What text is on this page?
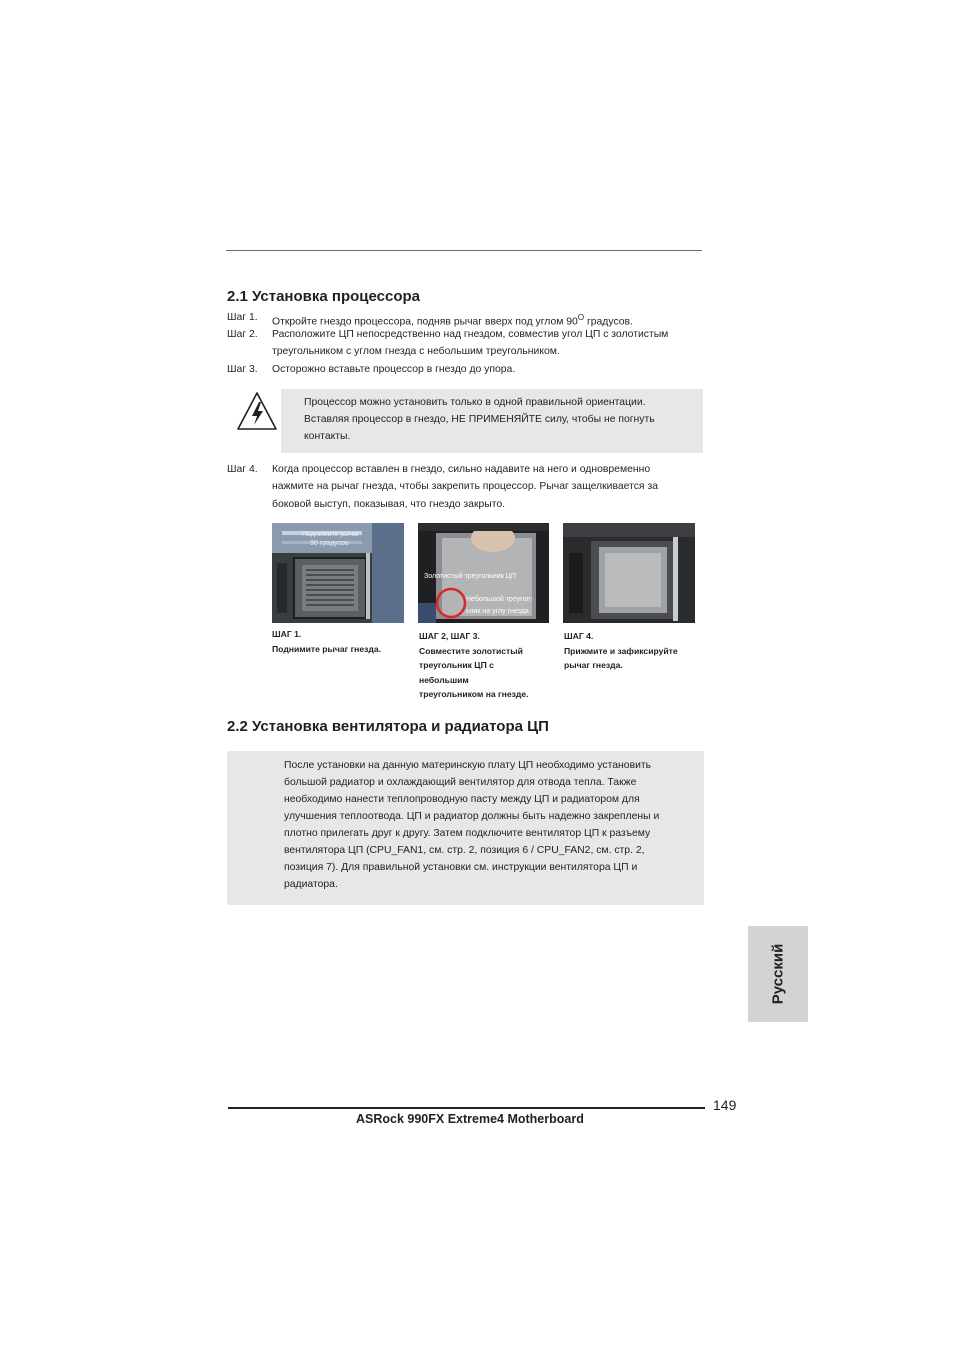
2.1 Установка процессора
Шаг 1. Откройте гнездо процессора, подняв рычаг вверх под углом $90^O$ градусов.
Шаг 2. Расположите ЦП непосредственно над гнездом, совместив угол ЦП с золотистым
треугольником с углом гнезда с небольшим треугольником.
Шаг 3. Осторожно вставьте процессор в гнездо до упора.
Процессор можно установить только в одной правильной ориентации.
Вставляя процессор в гнездо, НЕ ПРИМЕНЯЙТЕ силу, чтобы не погнуть
контакты.
Шаг 4. Когда процессор вставлен в гнездо, сильно надавите на него и одновременно
нажмите на рычаг гнезда, чтобы закрепить процессор. Рычаг защелкивается за
боковой выступ, показывая, что гнездо закрыто.
Поднимите рычаг
90 градусов
Золотистый треугольник ЦП
Небольшой треугол-
ьник на углу гнезда
ШАГ 1.
Поднимите рычаг гнезда.
ШАГ 2, ШАГ 3.
Совместите золотистый
треугольник ЦП с
небольшим
треугольником на гнезде.
ШАГ 4.
Прижмите и зафиксируйте
рычаг гнезда.
2.2 Установка вентилятора и радиатора ЦП
После установки на данную материнскую плату ЦП необходимо установить
большой радиатор и охлаждающий вентилятор для отвода тепла. Также
необходимо нанести теплопроводную пасту между ЦП и радиатором для
улучшения теплоотвода. ЦП и радиатор должны быть надежно закреплены и
плотно прилегать друг к другу. Затем подключите вентилятор ЦП к разъему
вентилятора ЦП (CPU_FAN1, см. стр. 2, позиция 6 / CPU_FAN2, см. стр. 2,
позиция 7). Для правильной установки см. инструкции вентилятора ЦП и
радиатора.
Русский
149
ASRock 990FX Extreme4 Motherboard
